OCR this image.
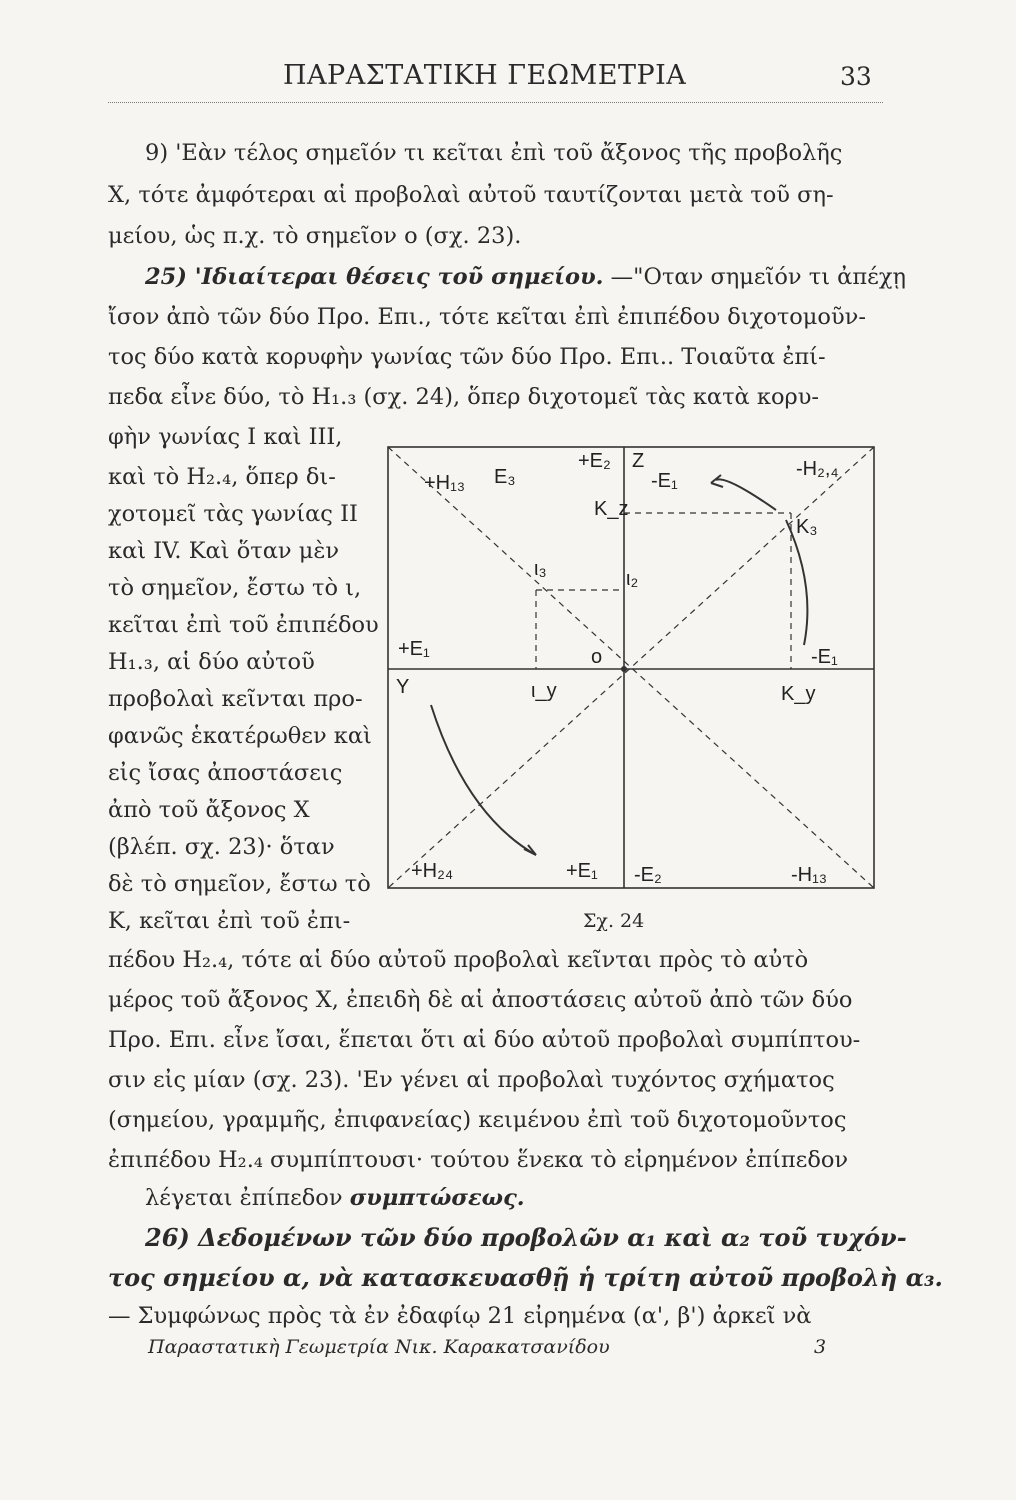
ΠΑΡΑΣΤΑΤΙΚΗ ΓΕΩΜΕΤΡΙΑ	33
9) 'Εὰν τέλος σημεῖόν τι κεῖται ἐπὶ τοῦ ἄξονος τῆς προβολῆς
X, τότε ἀμφότεραι αἱ προβολαὶ αὐτοῦ ταυτίζονται μετὰ τοῦ ση-
μείου, ὡς π.χ. τὸ σημεῖον ο (σχ. 23).
25) 'Ιδιαίτεραι θέσεις τοῦ σημείου. —"Οταν σημεῖόν τι ἀπέχῃ
ἴσον ἀπὸ τῶν δύο Προ. Επι., τότε κεῖται ἐπὶ ἐπιπέδου διχοτομοῦν-
τος δύο κατὰ κορυφὴν γωνίας τῶν δύο Προ. Επι.. Τοιαῦτα ἐπί-
πεδα εἶνε δύο, τὸ Η₁.₃ (σχ. 24), ὅπερ διχοτομεῖ τὰς κατὰ κορυ-
φὴν γωνίας I καὶ III,
καὶ τὸ Η₂.₄, ὅπερ δι-
χοτομεῖ τὰς γωνίας II
καὶ IV. Καὶ ὅταν μὲν
τὸ σημεῖον, ἔστω τὸ ι,
κεῖται ἐπὶ τοῦ ἐπιπέδου
Η₁.₃, αἱ δύο αὐτοῦ
προβολαὶ κεῖνται προ-
φανῶς ἑκατέρωθεν καὶ
εἰς ἴσας ἀποστάσεις
ἀπὸ τοῦ ἄξονος X
(βλέπ. σχ. 23)· ὅταν
δὲ τὸ σημεῖον, ἔστω τὸ
Κ, κεῖται ἐπὶ τοῦ ἐπι-
πέδου Η₂.₄, τότε αἱ δύο αὐτοῦ προβολαὶ κεῖνται πρὸς τὸ αὐτὸ
μέρος τοῦ ἄξονος X, ἐπειδὴ δὲ αἱ ἀποστάσεις αὐτοῦ ἀπὸ τῶν δύο
Προ. Επι. εἶνε ἴσαι, ἕπεται ὅτι αἱ δύο αὐτοῦ προβολαὶ συμπίπτου-
σιν εἰς μίαν (σχ. 23). 'Εν γένει αἱ προβολαὶ τυχόντος σχήματος
(σημείου, γραμμῆς, ἐπιφανείας) κειμένου ἐπὶ τοῦ διχοτομοῦντος
ἐπιπέδου Η₂.₄ συμπίπτουσι· τούτου ἕνεκα τὸ εἰρημένον ἐπίπεδον
λέγεται ἐπίπεδον συμπτώσεως.
26) Δεδομένων τῶν δύο προβολῶν α₁ καὶ α₂ τοῦ τυχόν-
τος σημείου α, νὰ κατασκευασθῇ ἡ τρίτη αὐτοῦ προβολὴ α₃.
— Συμφώνως πρὸς τὰ ἐν ἐδαφίῳ 21 εἰρημένα (α', β') ἀρκεῖ νὰ
+Η₁₃ E₃
+E₂ Z
-E₁
-Η₂,₄
K_z
K₃
ι₃	ι₂
+E₁	o	-E₁
Y	ι_y	K_y
+Η₂₄	+E₁ -E₂	-Η₁₃
Σχ. 24
Παραστατικὴ Γεωμετρία Νικ. Καρακατσανίδου	3
